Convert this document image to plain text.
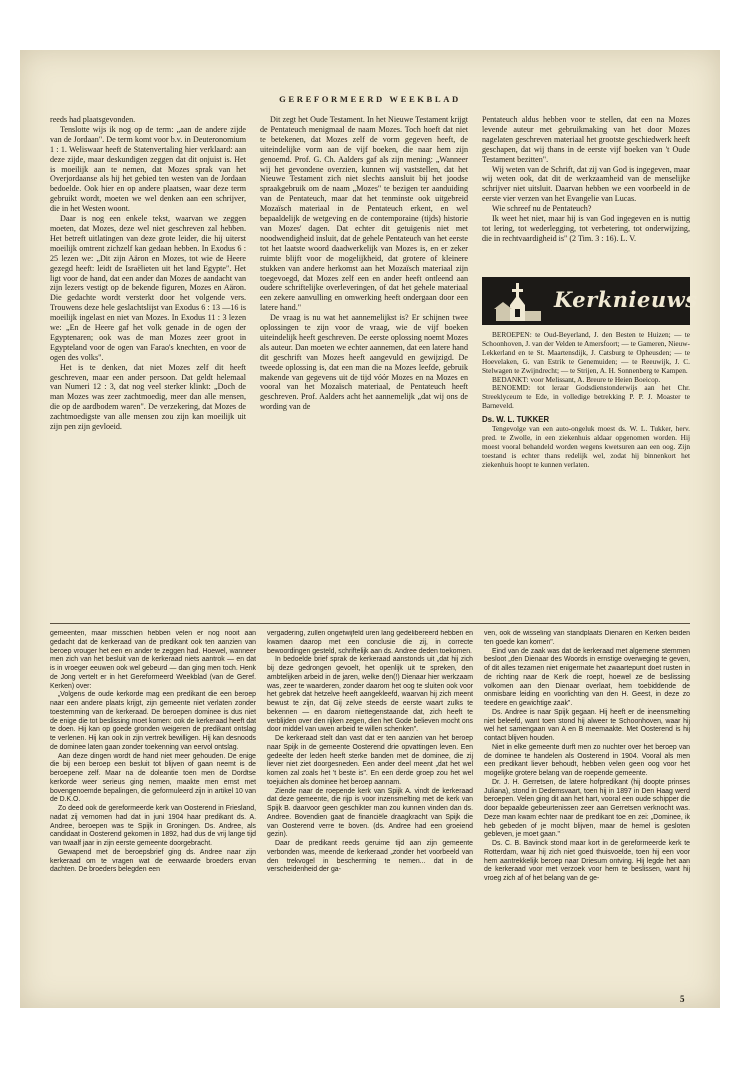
GEREFORMEERD WEEKBLAD

reeds had plaatsgevonden.

Tenslotte wijs ik nog op de term: „aan de andere zijde van de Jordaan". De term komt voor b.v. in Deuteronomium 1 : 1. Weliswaar heeft de Statenvertaling hier verklaard: aan deze zijde, maar deskundigen zeggen dat dit onjuist is. Het is moeilijk aan te nemen, dat Mozes sprak van het Overjordaanse als hij het gebied ten westen van de Jordaan bedoelde. Ook hier en op andere plaatsen, waar deze term gebruikt wordt, moeten we wel denken aan een schrijver, die in het Westen woont.

Daar is nog een enkele tekst, waarvan we zeggen moeten, dat Mozes, deze wel niet geschreven zal hebben. Het betreft uitlatingen van deze grote leider, die hij uiterst moeilijk omtrent zichzelf kan gedaan hebben. In Exodus 6 : 25 lezen we: „Dit zijn Aäron en Mozes, tot wie de Heere gezegd heeft: leidt de Israëlieten uit het land Egypte". Het ligt voor de hand, dat een ander dan Mozes de aandacht van zijn lezers vestigt op de bekende figuren, Mozes en Aäron. Die gedachte wordt versterkt door het volgende vers. Trouwens deze hele geslachtslijst van Exodus 6 : 13 —16 is moeilijk ingelast en niet van Mozes. In Exodus 11 : 3 lezen we: „En de Heere gaf het volk genade in de ogen der Egyptenaren; ook was de man Mozes zeer groot in Egypteland voor de ogen van Farao's knechten, en voor de ogen des volks".

Het is te denken, dat niet Mozes zelf dit heeft geschreven, maar een ander persoon. Dat geldt helemaal van Numeri 12 : 3, dat nog veel sterker klinkt: „Doch de man Mozes was zeer zachtmoedig, meer dan alle mensen, die op de aardbodem waren". De verzekering, dat Mozes de zachtmoedigste van alle mensen zou zijn kan moeilijk uit zijn pen zijn gevloeid.

Dit zegt het Oude Testament. In het Nieuwe Testament krijgt de Pentateuch menigmaal de naam Mozes. Toch hoeft dat niet te betekenen, dat Mozes zelf de vorm gegeven heeft, de uiteindelijke vorm aan de vijf boeken, die naar hem zijn genoemd. Prof. G. Ch. Aalders gaf als zijn mening: „Wanneer wij het gevondene overzien, kunnen wij vaststellen, dat het Nieuwe Testament zich niet slechts aansluit bij het joodse spraakgebruik om de naam „Mozes" te bezigen ter aanduiding van de Pentateuch, maar dat het tenminste ook uitgebreid Mozaïsch materiaal in de Pentateuch erkent, en wel bepaaldelijk de wetgeving en de contemporaine (tijds) historie van Mozes' dagen. Dat echter dit getuigenis niet met noodwendigheid insluit, dat de gehele Pentateuch van het eerste tot het laatste woord daadwerkelijk van Mozes is, en er zeker ruimte blijft voor de mogelijkheid, dat grotere of kleinere stukken van andere herkomst aan het Mozaïsch materiaal zijn toegevoegd, dat Mozes zelf een en ander heeft ontleend aan oudere schriftelijke overleveringen, of dat het gehele materiaal een zekere aanvulling en omwerking heeft ondergaan door een latere hand."

De vraag is nu wat het aannemelijkst is? Er schijnen twee oplossingen te zijn voor de vraag, wie de vijf boeken uiteindelijk heeft geschreven. De eerste oplossing noemt Mozes als auteur. Dan moeten we echter aannemen, dat een latere hand dit geschrift van Mozes heeft aangevuld en gewijzigd. De tweede oplossing is, dat een man die na Mozes leefde, gebruik makende van gegevens uit de tijd vóór Mozes en na Mozes en vooral van het Mozaïsch materiaal, de Pentateuch heeft geschreven. Prof. Aalders acht het aannemelijk „dat wij ons de wording van de

Pentateuch aldus hebben voor te stellen, dat een na Mozes levende auteur met gebruikmaking van het door Mozes nagelaten geschreven materiaal het grootste geschiedwerk heeft geschapen, dat wij thans in de eerste vijf boeken van 't Oude Testament bezitten".

Wij weten van de Schrift, dat zij van God is ingegeven, maar wij weten ook, dat dit de werkzaamheid van de menselijke schrijver niet uitsluit. Daarvan hebben we een voorbeeld in de eerste vier verzen van het Evangelie van Lucas.

Wie schreef nu de Pentateuch?

Ik weet het niet, maar hij is van God ingegeven en is nuttig tot lering, tot wederlegging, tot verbetering, tot onderwijzing, die in rechtvaardigheid is" (2 Tim. 3 : 16). L. V.

Kerknieuws

BEROEPEN: te Oud-Beyerland, J. den Besten te Huizen; — te Schoonhoven, J. van der Velden te Amersfoort; — te Gameren, Nieuw-Lekkerland en te St. Maartensdijk, J. Catsburg te Opheusden; — te Hoevelaken, G. van Estrik te Genemuiden; — te Reeuwijk, J. C. Stelwagen te Zwijndrecht; — te Strijen, A. H. Sonnenberg te Kampen.

BEDANKT: voor Melissant, A. Breure te Heien Boeicop.

BENOEMD: tot leraar Godsdienstonderwijs aan het Chr. Streeklyceum te Ede, in volledige betrekking P. P. J. Moaster te Barneveld.

Ds. W. L. TUKKER

Tengevolge van een auto-ongeluk moest ds. W. L. Tukker, herv. pred. te Zwolle, in een ziekenhuis aldaar opgenomen worden. Hij moest vooral behandeld worden wegens kwetsuren aan een oog. Zijn toestand is echter thans redelijk wel, zodat hij binnenkort het ziekenhuis hoopt te kunnen verlaten.

gemeenten, maar misschien hebben velen er nog nooit aan gedacht dat de kerkeraad van de predikant ook ten aanzien van beroep vrouger het een en ander te zeggen had. Hoewel, wanneer men zich van het besluit van de kerkeraad niets aantrok — en dat is in vroeger eeuwen ook wel gebeurd — dan ging men toch. Henk de Jong vertelt er in het Gereformeerd Weekblad (van de Geref. Kerken) over:

„Volgens de oude kerkorde mag een predikant die een beroep naar een andere plaats krijgt, zijn gemeente niet verlaten zonder toestemming van de kerkeraad. De beroepen dominee is dus niet de enige die tot beslissing moet komen: ook de kerkeraad heeft dat te doen. Hij kan op goede gronden weigeren de predikant ontslag te verlenen. Hij kan ook in zijn vertrek bewilligen. Hij kan desnoods de dominee laten gaan zonder toekenning van eervol ontslag.

Aan deze dingen wordt de hand niet meer gehouden. De enige die bij een beroep een besluit tot blijven of gaan neemt is de beroepene zelf. Maar na de doleantie toen men de Dordtse kerkorde weer serieus ging nemen, maakte men ernst met bovengenoemde bepalingen, die geformuleerd zijn in artikel 10 van de D.K.O.

Zo deed ook de gereformeerde kerk van Oosterend in Friesland, nadat zij vernomen had dat in juni 1904 haar predikant ds. A. Andree, beroepen was te Spijk in Groningen. Ds. Andree, als candidaat in Oosterend gekomen in 1892, had dus de vrij lange tijd van twaalf jaar in zijn eerste gemeente doorgebracht.

Gewapend met de beroepsbrief ging ds. Andree naar zijn kerkeraad om te vragen wat de eerwaarde broeders ervan dachten. De broeders belegden een

vergadering, zullen ongetwijfeld uren lang gedelibereerd hebben en kwamen daarop met een conclusie die zij, in correcte bewoordingen gesteld, schriftelijk aan ds. Andree deden toekomen.

In bedoelde brief sprak de kerkeraad aanstonds uit „dat hij zich bij deze gedrongen gevoelt, het openlijk uit te spreken, den ambtelijken arbeid in de jaren, welke den(!) Dienaar hier werkzaam was, zeer te waarderen, zonder daarom het oog te sluiten ook voor het gebrek dat hetzelve heeft aangekleefd, waarvan hij zich meent bewust te zijn, dat Gij zelve steeds de eerste waart zulks te bekennen — en daarom niettegenstaande dat, zich heeft te verblijden over den rijken zegen, dien het Gode believen mocht ons door middel van uwen arbeid te willen schenken".

De kerkeraad stelt dan vast dat er ten aanzien van het beroep naar Spijk in de gemeente Oosterend drie opvattingen leven. Een gedeelte der leden heeft sterke banden met de dominee, die zij liever niet ziet doorgesneden. Een ander deel meent „dat het wel komen zal zoals het 't beste is". En een derde groep zou het wel toejuichen als dominee het beroep aannam.

Ziende naar de roepende kerk van Spijk A. vindt de kerkeraad dat deze gemeente, die rijp is voor inzensmelting met de kerk van Spijk B. daarvoor geen geschikter man zou kunnen vinden dan ds. Andree. Bovendien gaat de financiële draagkracht van Spijk die van Oosterend verre te boven. (ds. Andree had een groeiend gezin).

Daar de predikant reeds geruime tijd aan zijn gemeente verbonden was, meende de kerkeraad „zonder het voorbeeld van den trekvogel in bescherming te nemen... dat in de verscheidenheid der ga-

ven, ook de wisseling van standplaats Dienaren en Kerken beiden ten goede kan komen".

Eind van de zaak was dat de kerkeraad met algemene stemmen besloot „den Dienaar des Woords in ernstige overweging te geven, of dit alles tezamen niet enigermate het zwaartepunt doet rusten in de richting naar de Kerk die roept, hoewel ze de beslissing volkomen aan den Dienaar overlaat, hem toebiddende de onmisbare leiding en voorlichting van den H. Geest, in deze zo teedere en gewichtige zaak".

Ds. Andree is naar Spijk gegaan. Hij heeft er de ineensmelting niet beleefd, want toen stond hij alweer te Schoonhoven, waar hij wel het samengaan van A en B meemaakte. Met Oosterend is hij contact blijven houden.

Niet in elke gemeente durft men zo nuchter over het beroep van de dominee te handelen als Oosterend in 1904. Vooral als men een predikant liever behoudt, hebben velen geen oog voor het mogelijke grotere belang van de roepende gemeente.

Dr. J. H. Gerretsen, de latere hofpredikant (hij doopte prinses Juliana), stond in Dedemsvaart, toen hij in 1897 in Den Haag werd beroepen. Velen ging dit aan het hart, vooral een oude schipper die door bepaalde gebeurtenissen zeer aan Gerretsen verknocht was. Deze man kwam echter naar de predikant toe en zei: „Dominee, ik heb gebeden of je mocht blijven, maar de hemel is gesloten gebleven, je moet gaan."

Ds. C. B. Bavinck stond maar kort in de gereformeerde kerk te Rotterdam, waar hij zich niet goed thuisvoelde, toen hij een voor hem aantrekkelijk beroep naar Driesum ontving. Hij legde het aan de kerkeraad voor met verzoek voor hem te beslissen, want hij vroeg zich af of het belang van de ge-

5
